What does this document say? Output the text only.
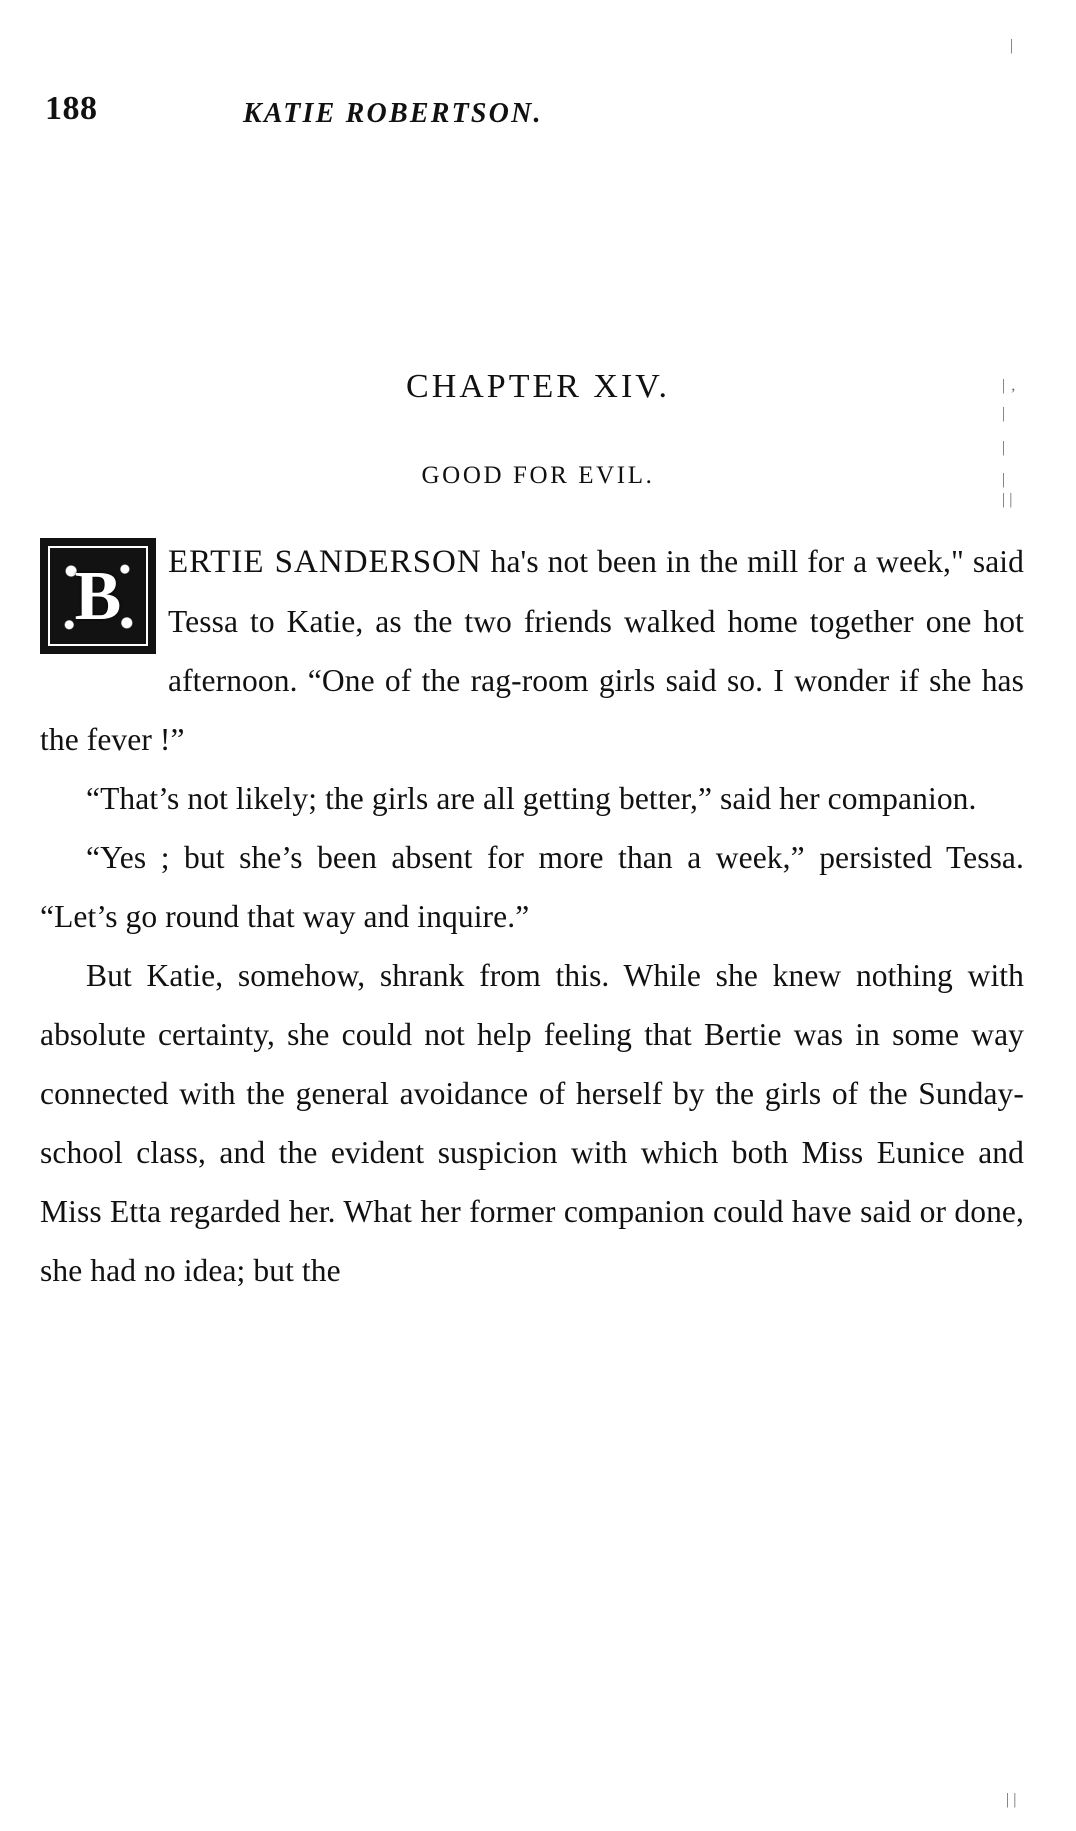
188	KATIE ROBERTSON.
|
| ,
|
|
|
| |
| |
CHAPTER XIV.
GOOD FOR EVIL.

B	ERTIE SANDERSON ha's not been in the mill for a week," said Tessa to Katie, as the two friends walked home together one hot afternoon. “One of the rag-room girls said so. I wonder if she has the fever !”

“That’s not likely; the girls are all getting better,” said her companion.

“Yes ; but she’s been absent for more than a week,” persisted Tessa. “Let’s go round that way and inquire.”

But Katie, somehow, shrank from this. While she knew nothing with absolute certainty, she could not help feeling that Bertie was in some way connected with the general avoidance of herself by the girls of the Sunday-school class, and the evident suspicion with which both Miss Eunice and Miss Etta regarded her. What her former companion could have said or done, she had no idea; but the
